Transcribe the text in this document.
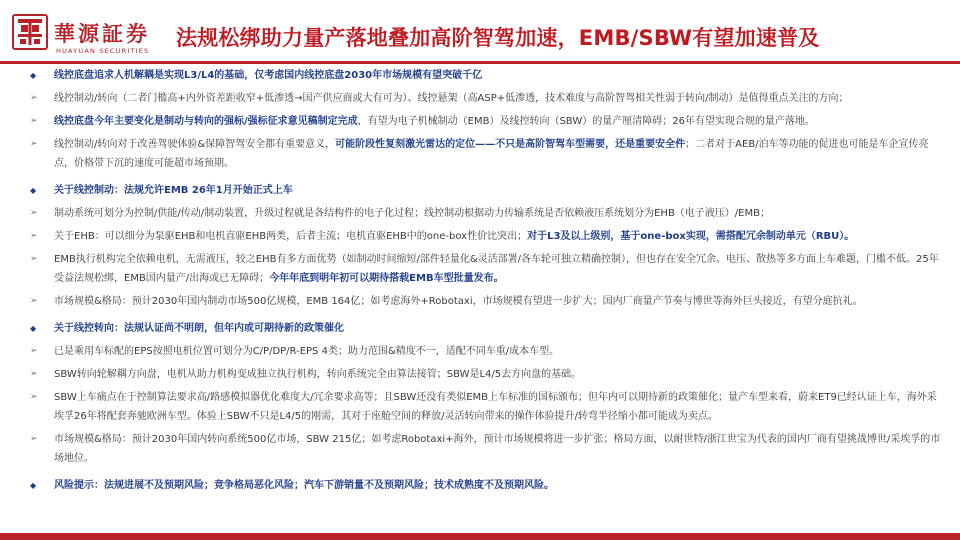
華源証券
HUAYUAN SECURITIES
法规松绑助力量产落地叠加高阶智驾加速，EMB/SBW有望加速普及
◆ 线控底盘追求人机解耦是实现L3/L4的基础，仅考虑国内线控底盘2030年市场规模有望突破千亿
➢ 线控制动/转向（二者门槛高+内外资差距收窄+低渗透→国产供应商或大有可为）、线控悬架（高ASP+低渗透，技术难度与高阶智驾相关性弱于转向/制动）是值得重点关注的方向；
➢ 线控底盘今年主要变化是制动与转向的强标/强标征求意见稿制定完成，有望为电子机械制动（EMB）及线控转向（SBW）的量产厘清障碍；26年有望实现合规的量产落地。
➢ 线控制动/转向对于改善驾驶体验&保障智驾安全都有重要意义，可能阶段性复刻激光雷达的定位——不只是高阶智驾车型需要，还是重要安全件；二者对于AEB/泊车等功能的促进也可能是车企宣传亮点，价格带下沉的速度可能超市场预期。
◆ 关于线控制动：法规允许EMB 26年1月开始正式上车
➢ 制动系统可划分为控制/供能/传动/制动装置，升级过程就是各结构件的电子化过程；线控制动根据动力传输系统是否依赖液压系统划分为EHB（电子液压）/EMB；
➢ 关于EHB：可以细分为泵驱EHB和电机直驱EHB两类，后者主流；电机直驱EHB中的one-box性价比突出；对于L3及以上级别，基于one-box实现，需搭配冗余制动单元（RBU）。
➢ EMB执行机构完全依赖电机，无需液压，较之EHB有多方面优势（如制动时间缩短/部件轻量化&灵活部署/各车轮可独立精确控制），但也存在安全冗余、电压、散热等多方面上车难题，门槛不低。25年受益法规松绑，EMB国内量产/出海或已无障碍；今年年底到明年初可以期待搭载EMB车型批量发布。
➢ 市场规模&格局：预计2030年国内制动市场500亿规模，EMB 164亿；如考虑海外+Robotaxi，市场规模有望进一步扩大；国内厂商量产节奏与博世等海外巨头接近，有望分庭抗礼。
◆ 关于线控转向：法规认证尚不明朗，但年内或可期待新的政策催化
➢ 已是乘用车标配的EPS按照电机位置可划分为C/P/DP/R-EPS 4类；助力范围&精度不一，适配不同车重/成本车型。
➢ SBW转向轮解耦方向盘，电机从助力机构变成独立执行机构，转向系统完全由算法接管；SBW是L4/5去方向盘的基础。
➢ SBW上车痛点在于控制算法要求高/路感模拟器优化难度大/冗余要求高等；且SBW还没有类似EMB上车标准的国标颁布；但年内可以期待新的政策催化；量产车型来看，蔚来ET9已经认证上车，海外采埃孚26年将配套奔驰欧洲车型。体验上SBW不只是L4/5的刚需，其对于座舱空间的释放/灵活转向带来的操作体验提升/转弯半径缩小都可能成为卖点。
➢ 市场规模&格局：预计2030年国内转向系统500亿市场，SBW 215亿；如考虑Robotaxi+海外，预计市场规模将进一步扩张；格局方面，以耐世特/浙江世宝为代表的国内厂商有望挑战博世/采埃孚的市场地位。
◆ 风险提示：法规进展不及预期风险；竞争格局恶化风险；汽车下游销量不及预期风险；技术成熟度不及预期风险。
